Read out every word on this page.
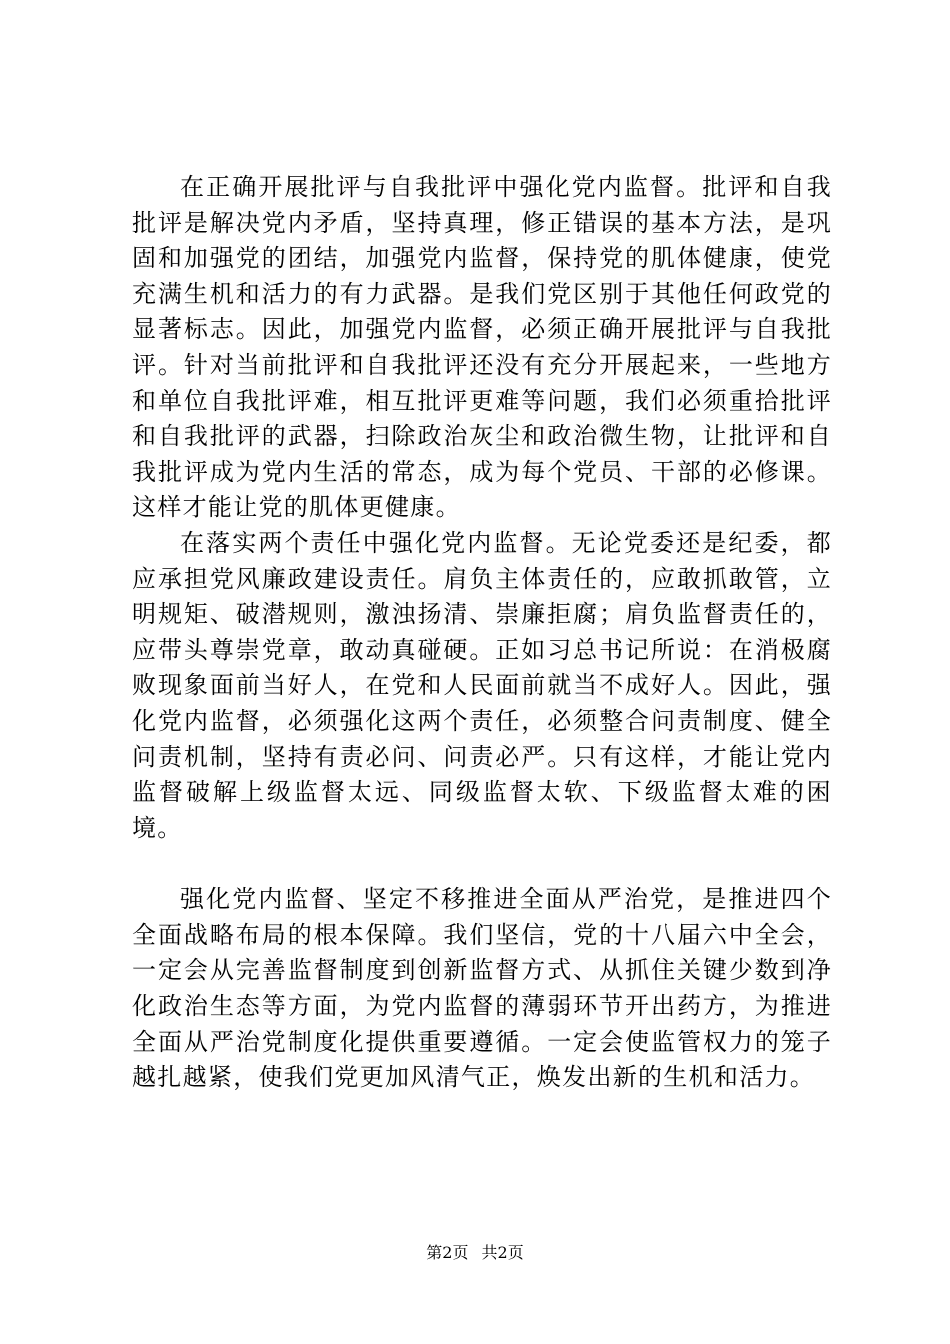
在正确开展批评与自我批评中强化党内监督。批评和自我批评是解决党内矛盾，坚持真理，修正错误的基本方法，是巩固和加强党的团结，加强党内监督，保持党的肌体健康，使党充满生机和活力的有力武器。是我们党区别于其他任何政党的显著标志。因此，加强党内监督，必须正确开展批评与自我批评。针对当前批评和自我批评还没有充分开展起来，一些地方和单位自我批评难，相互批评更难等问题，我们必须重拾批评和自我批评的武器，扫除政治灰尘和政治微生物，让批评和自我批评成为党内生活的常态，成为每个党员、干部的必修课。这样才能让党的肌体更健康。

在落实两个责任中强化党内监督。无论党委还是纪委，都应承担党风廉政建设责任。肩负主体责任的，应敢抓敢管，立明规矩、破潜规则，激浊扬清、崇廉拒腐；肩负监督责任的，应带头尊崇党章，敢动真碰硬。正如习总书记所说：在消极腐败现象面前当好人，在党和人民面前就当不成好人。因此，强化党内监督，必须强化这两个责任，必须整合问责制度、健全问责机制，坚持有责必问、问责必严。只有这样，才能让党内监督破解上级监督太远、同级监督太软、下级监督太难的困境。

强化党内监督、坚定不移推进全面从严治党，是推进四个全面战略布局的根本保障。我们坚信，党的十八届六中全会，一定会从完善监督制度到创新监督方式、从抓住关键少数到净化政治生态等方面，为党内监督的薄弱环节开出药方，为推进全面从严治党制度化提供重要遵循。一定会使监管权力的笼子越扎越紧，使我们党更加风清气正，焕发出新的生机和活力。

第2页 共2页
